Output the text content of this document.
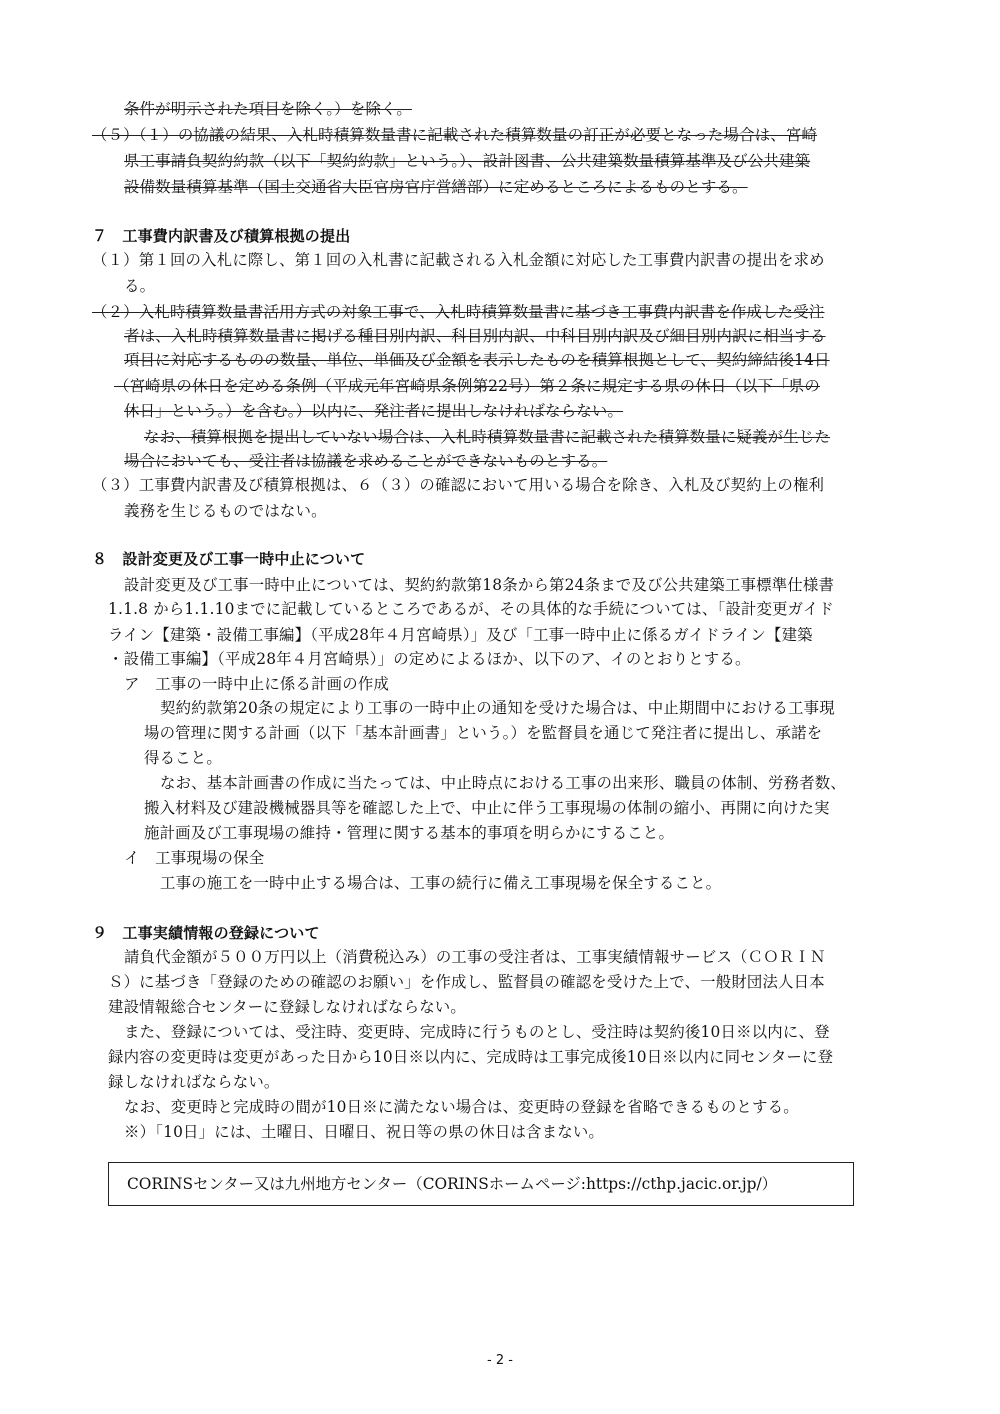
条件が明示された項目を除く。）を除く。
（５）（１）の協議の結果、入札時積算数量書に記載された積算数量の訂正が必要となった場合は、宮崎
県工事請負契約約款（以下「契約約款」という。）、設計図書、公共建築数量積算基準及び公共建築
設備数量積算基準（国土交通省大臣官房官庁営繕部）に定めるところによるものとする。
７　工事費内訳書及び積算根拠の提出
（１）第１回の入札に際し、第１回の入札書に記載される入札金額に対応した工事費内訳書の提出を求め
る。
（２）入札時積算数量書活用方式の対象工事で、入札時積算数量書に基づき工事費内訳書を作成した受注
者は、入札時積算数量書に掲げる種目別内訳、科目別内訳、中科目別内訳及び細目別内訳に相当する
項目に対応するものの数量、単位、単価及び金額を表示したものを積算根拠として、契約締結後14日
（宮崎県の休日を定める条例（平成元年宮崎県条例第22号）第２条に規定する県の休日（以下「県の
休日」という。）を含む。）以内に、発注者に提出しなければならない。
なお、積算根拠を提出していない場合は、入札時積算数量書に記載された積算数量に疑義が生じた
場合においても、受注者は協議を求めることができないものとする。
（３）工事費内訳書及び積算根拠は、６（３）の確認において用いる場合を除き、入札及び契約上の権利
義務を生じるものではない。
８　設計変更及び工事一時中止について
設計変更及び工事一時中止については、契約約款第18条から第24条まで及び公共建築工事標準仕様書
1.1.8 から1.1.10までに記載しているところであるが、その具体的な手続については、「設計変更ガイド
ライン【建築・設備工事編】（平成28年４月宮崎県）」及び「工事一時中止に係るガイドライン【建築
・設備工事編】（平成28年４月宮崎県）」の定めによるほか、以下のア、イのとおりとする。
ア　工事の一時中止に係る計画の作成
契約約款第20条の規定により工事の一時中止の通知を受けた場合は、中止期間中における工事現
場の管理に関する計画（以下「基本計画書」という。）を監督員を通じて発注者に提出し、承諾を
得ること。
なお、基本計画書の作成に当たっては、中止時点における工事の出来形、職員の体制、労務者数、
搬入材料及び建設機械器具等を確認した上で、中止に伴う工事現場の体制の縮小、再開に向けた実
施計画及び工事現場の維持・管理に関する基本的事項を明らかにすること。
イ　工事現場の保全
工事の施工を一時中止する場合は、工事の続行に備え工事現場を保全すること。
９　工事実績情報の登録について
請負代金額が５００万円以上（消費税込み）の工事の受注者は、工事実績情報サービス（ＣＯＲＩＮ
Ｓ）に基づき「登録のための確認のお願い」を作成し、監督員の確認を受けた上で、一般財団法人日本
建設情報総合センターに登録しなければならない。
また、登録については、受注時、変更時、完成時に行うものとし、受注時は契約後10日※以内に、登
録内容の変更時は変更があった日から10日※以内に、完成時は工事完成後10日※以内に同センターに登
録しなければならない。
なお、変更時と完成時の間が10日※に満たない場合は、変更時の登録を省略できるものとする。
※）「10日」には、土曜日、日曜日、祝日等の県の休日は含まない。
CORINSセンター又は九州地方センター（CORINSホームページ:https://cthp.jacic.or.jp/）
- 2 -
